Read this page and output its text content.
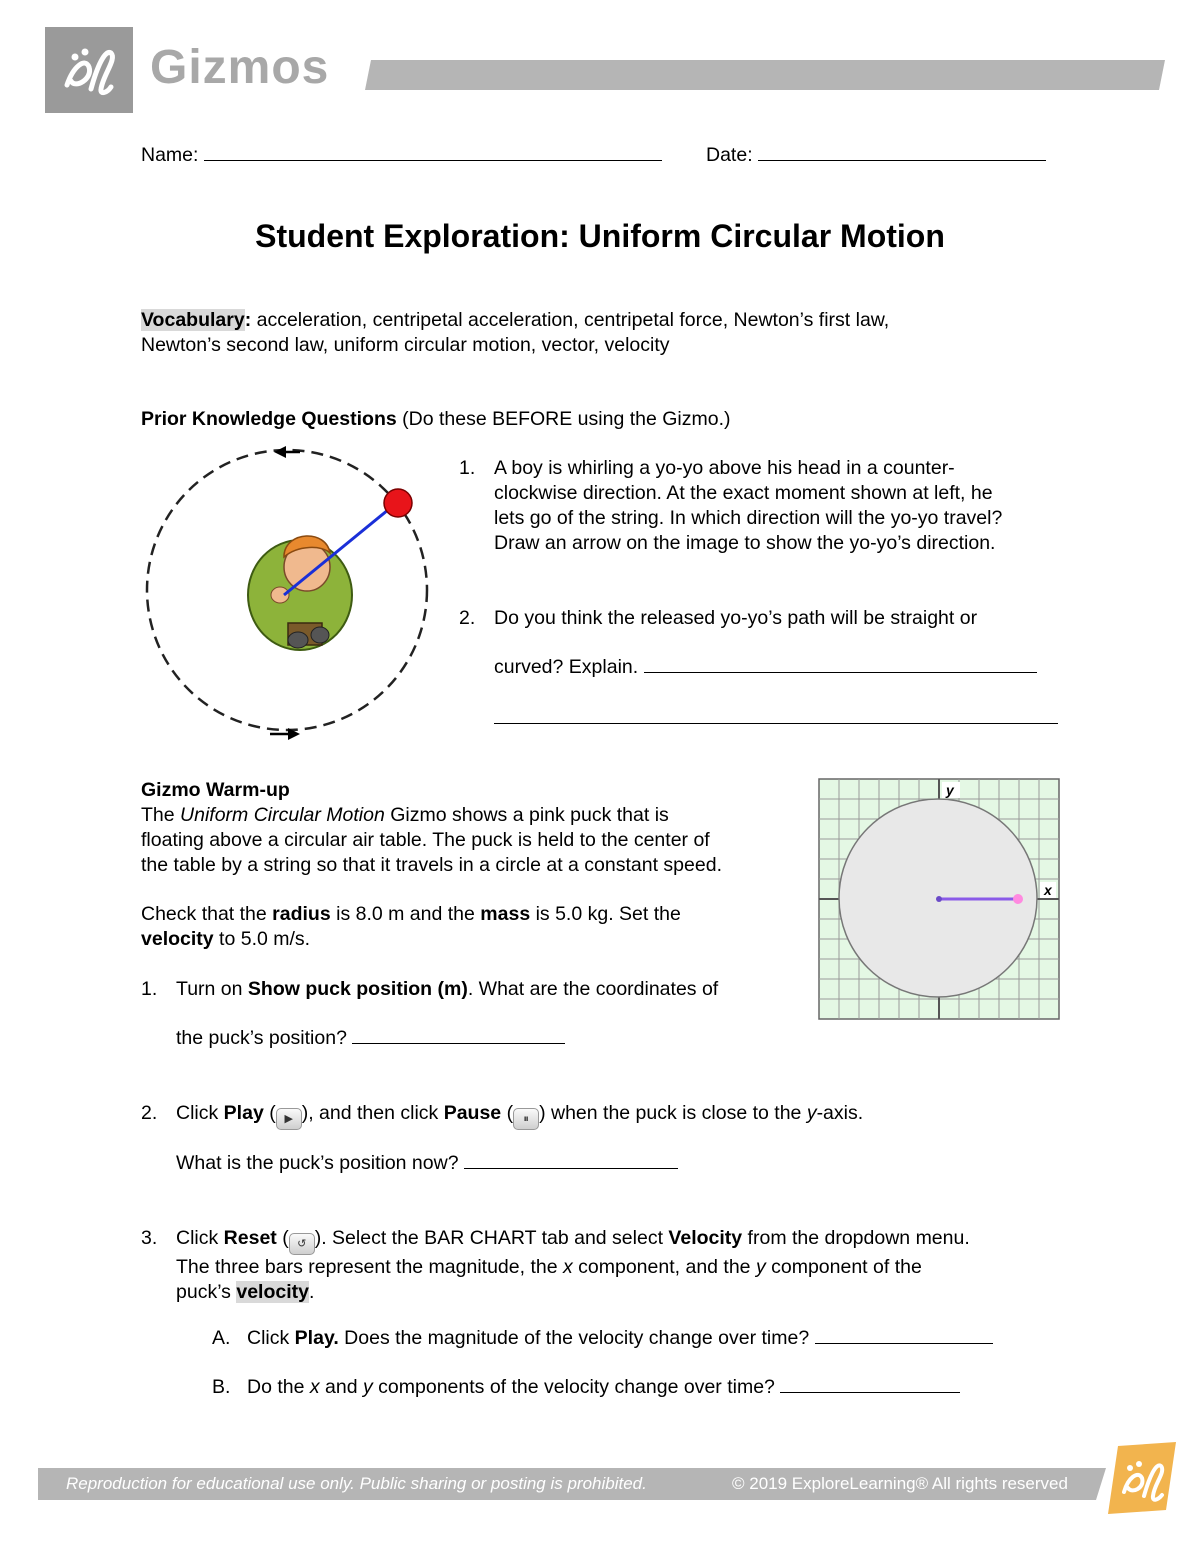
Gizmos
Name:	Date:
Student Exploration: Uniform Circular Motion
Vocabulary: acceleration, centripetal acceleration, centripetal force, Newton’s first law,
Newton’s second law, uniform circular motion, vector, velocity
Prior Knowledge Questions (Do these BEFORE using the Gizmo.)
1. A boy is whirling a yo-yo above his head in a counter-
clockwise direction. At the exact moment shown at left, he
lets go of the string. In which direction will the yo-yo travel?
Draw an arrow on the image to show the yo-yo’s direction.
2. Do you think the released yo-yo’s path will be straight or
curved? Explain.
Gizmo Warm-up
The Uniform Circular Motion Gizmo shows a pink puck that is
floating above a circular air table. The puck is held to the center of
the table by a string so that it travels in a circle at a constant speed.
Check that the radius is 8.0 m and the mass is 5.0 kg. Set the
velocity to 5.0 m/s.
y
x
1. Turn on Show puck position (m). What are the coordinates of
the puck’s position?
2. Click Play ( ▶ ), and then click Pause ( ⏸ ) when the puck is close to the y-axis.
What is the puck’s position now?
3. Click Reset ( ↺ ). Select the BAR CHART tab and select Velocity from the dropdown menu.
The three bars represent the magnitude, the x component, and the y component of the
puck’s velocity.
A. Click Play. Does the magnitude of the velocity change over time?
B. Do the x and y components of the velocity change over time?
Reproduction for educational use only. Public sharing or posting is prohibited.	© 2019 ExploreLearning® All rights reserved
